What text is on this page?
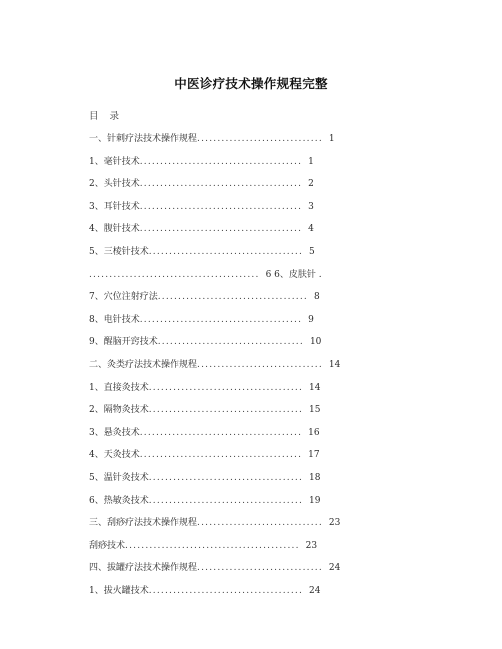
中医诊疗技术操作规程完整
目 录
一、针刺疗法技术操作规程............................... 1
1、毫针技术........................................ 1
2、头针技术........................................ 2
3、耳针技术........................................ 3
4、腹针技术........................................ 4
5、三棱针技术...................................... 5
.......................................... 6 6、皮肤针 .
7、穴位注射疗法..................................... 8
8、电针技术........................................ 9
9、醒脑开窍技术.................................... 10
二、灸类疗法技术操作规程............................... 14
1、直接灸技术...................................... 14
2、隔物灸技术...................................... 15
3、悬灸技术........................................ 16
4、天灸技术........................................ 17
5、温针灸技术...................................... 18
6、热敏灸技术...................................... 19
三、刮痧疗法技术操作规程............................... 23
刮痧技术........................................... 23
四、拔罐疗法技术操作规程............................... 24
1、拔火罐技术...................................... 24
